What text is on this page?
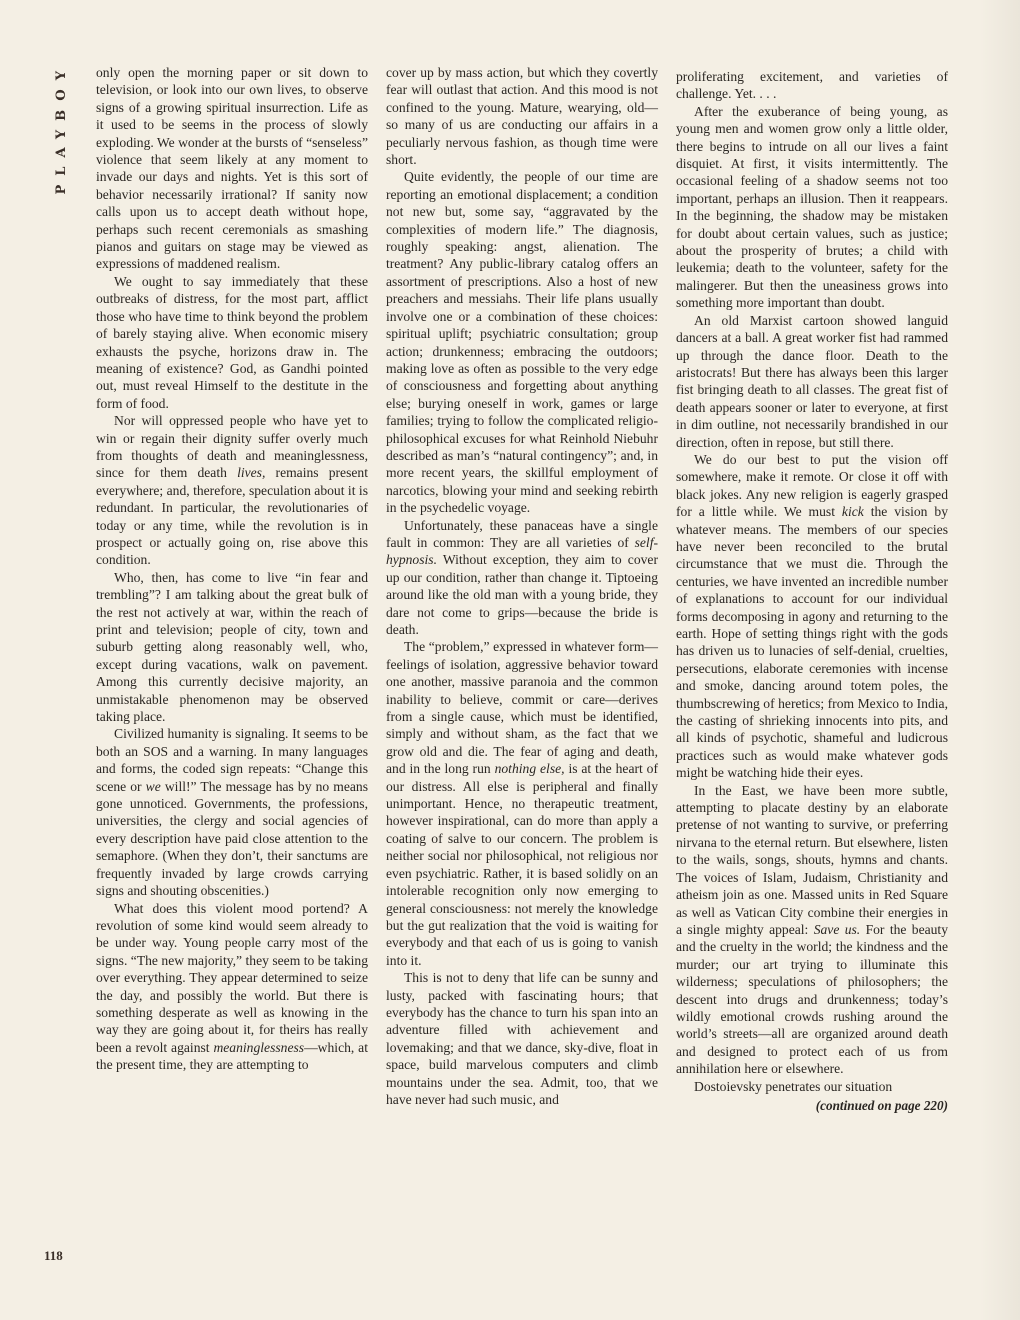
PLAYBOY
118

only open the morning paper or sit down to television, or look into our own lives, to observe signs of a growing spiritual insurrection. Life as it used to be seems in the process of slowly exploding. We wonder at the bursts of “senseless” violence that seem likely at any moment to invade our days and nights. Yet is this sort of behavior necessarily irrational? If sanity now calls upon us to accept death without hope, perhaps such recent ceremonials as smashing pianos and guitars on stage may be viewed as expressions of maddened realism.

We ought to say immediately that these outbreaks of distress, for the most part, afflict those who have time to think beyond the problem of barely staying alive. When economic misery exhausts the psyche, horizons draw in. The meaning of existence? God, as Gandhi pointed out, must reveal Himself to the destitute in the form of food.

Nor will oppressed people who have yet to win or regain their dignity suffer overly much from thoughts of death and meaninglessness, since for them death lives, remains present everywhere; and, therefore, speculation about it is redundant. In particular, the revolutionaries of today or any time, while the revolution is in prospect or actually going on, rise above this condition.

Who, then, has come to live “in fear and trembling”? I am talking about the great bulk of the rest not actively at war, within the reach of print and television; people of city, town and suburb getting along reasonably well, who, except during vacations, walk on pavement. Among this currently decisive majority, an unmistakable phenomenon may be observed taking place.

Civilized humanity is signaling. It seems to be both an SOS and a warning. In many languages and forms, the coded sign repeats: “Change this scene or we will!” The message has by no means gone unnoticed. Governments, the professions, universities, the clergy and social agencies of every description have paid close attention to the semaphore. (When they don’t, their sanctums are frequently invaded by large crowds carrying signs and shouting obscenities.)

What does this violent mood portend? A revolution of some kind would seem already to be under way. Young people carry most of the signs. “The new majority,” they seem to be taking over everything. They appear determined to seize the day, and possibly the world. But there is something desperate as well as knowing in the way they are going about it, for theirs has really been a revolt against meaninglessness—which, at the present time, they are attempting to

cover up by mass action, but which they covertly fear will outlast that action. And this mood is not confined to the young. Mature, wearying, old—so many of us are conducting our affairs in a peculiarly nervous fashion, as though time were short.

Quite evidently, the people of our time are reporting an emotional displacement; a condition not new but, some say, “aggravated by the complexities of modern life.” The diagnosis, roughly speaking: angst, alienation. The treatment? Any public-library catalog offers an assortment of prescriptions. Also a host of new preachers and messiahs. Their life plans usually involve one or a combination of these choices: spiritual uplift; psychiatric consultation; group action; drunkenness; embracing the outdoors; making love as often as possible to the very edge of consciousness and forgetting about anything else; burying oneself in work, games or large families; trying to follow the complicated religio-philosophical excuses for what Reinhold Niebuhr described as man’s “natural contingency”; and, in more recent years, the skillful employment of narcotics, blowing your mind and seeking rebirth in the psychedelic voyage.

Unfortunately, these panaceas have a single fault in common: They are all varieties of self-hypnosis. Without exception, they aim to cover up our condition, rather than change it. Tiptoeing around like the old man with a young bride, they dare not come to grips—because the bride is death.

The “problem,” expressed in whatever form—feelings of isolation, aggressive behavior toward one another, massive paranoia and the common inability to believe, commit or care—derives from a single cause, which must be identified, simply and without sham, as the fact that we grow old and die. The fear of aging and death, and in the long run nothing else, is at the heart of our distress. All else is peripheral and finally unimportant. Hence, no therapeutic treatment, however inspirational, can do more than apply a coating of salve to our concern. The problem is neither social nor philosophical, not religious nor even psychiatric. Rather, it is based solidly on an intolerable recognition only now emerging to general consciousness: not merely the knowledge but the gut realization that the void is waiting for everybody and that each of us is going to vanish into it.

This is not to deny that life can be sunny and lusty, packed with fascinating hours; that everybody has the chance to turn his span into an adventure filled with achievement and lovemaking; and that we dance, sky-dive, float in space, build marvelous computers and climb mountains under the sea. Admit, too, that we have never had such music, and

proliferating excitement, and varieties of challenge. Yet. . . .

After the exuberance of being young, as young men and women grow only a little older, there begins to intrude on all our lives a faint disquiet. At first, it visits intermittently. The occasional feeling of a shadow seems not too important, perhaps an illusion. Then it reappears. In the beginning, the shadow may be mistaken for doubt about certain values, such as justice; about the prosperity of brutes; a child with leukemia; death to the volunteer, safety for the malingerer. But then the uneasiness grows into something more important than doubt.

An old Marxist cartoon showed languid dancers at a ball. A great worker fist had rammed up through the dance floor. Death to the aristocrats! But there has always been this larger fist bringing death to all classes. The great fist of death appears sooner or later to everyone, at first in dim outline, not necessarily brandished in our direction, often in repose, but still there.

We do our best to put the vision off somewhere, make it remote. Or close it off with black jokes. Any new religion is eagerly grasped for a little while. We must kick the vision by whatever means. The members of our species have never been reconciled to the brutal circumstance that we must die. Through the centuries, we have invented an incredible number of explanations to account for our individual forms decomposing in agony and returning to the earth. Hope of setting things right with the gods has driven us to lunacies of self-denial, cruelties, persecutions, elaborate ceremonies with incense and smoke, dancing around totem poles, the thumbscrewing of heretics; from Mexico to India, the casting of shrieking innocents into pits, and all kinds of psychotic, shameful and ludicrous practices such as would make whatever gods might be watching hide their eyes.

In the East, we have been more subtle, attempting to placate destiny by an elaborate pretense of not wanting to survive, or preferring nirvana to the eternal return. But elsewhere, listen to the wails, songs, shouts, hymns and chants. The voices of Islam, Judaism, Christianity and atheism join as one. Massed units in Red Square as well as Vatican City combine their energies in a single mighty appeal: Save us. For the beauty and the cruelty in the world; the kindness and the murder; our art trying to illuminate this wilderness; speculations of philosophers; the descent into drugs and drunkenness; today’s wildly emotional crowds rushing around the world’s streets—all are organized around death and designed to protect each of us from annihilation here or elsewhere.

Dostoievsky penetrates our situation

(continued on page 220)
